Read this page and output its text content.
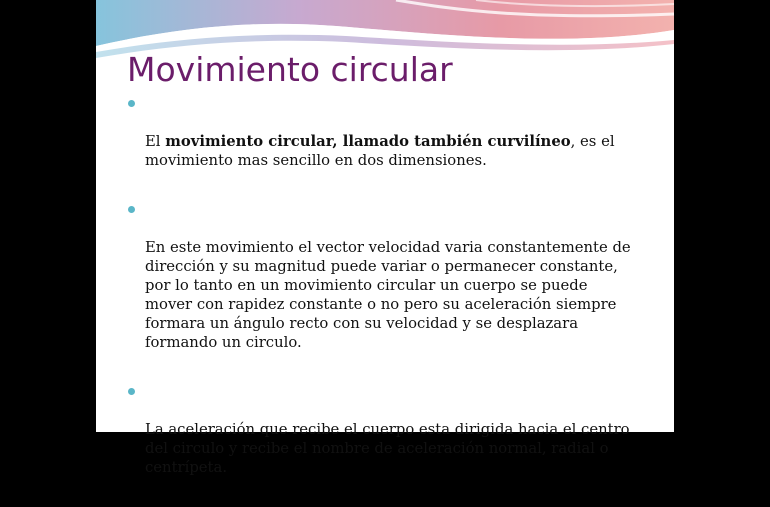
Movimiento circular

El movimiento circular, llamado también curvilíneo, es el
movimiento mas sencillo en dos dimensiones.

En este movimiento el vector velocidad varia constantemente de
dirección y su magnitud puede variar o permanecer constante,
por lo tanto en un movimiento circular un cuerpo se puede
mover con rapidez constante o no pero su aceleración siempre
formara un ángulo recto con su velocidad y se desplazara
formando un circulo.

La aceleración que recibe el cuerpo esta dirigida hacia el centro
del circulo y recibe el nombre de aceleración normal, radial o
centrípeta.
